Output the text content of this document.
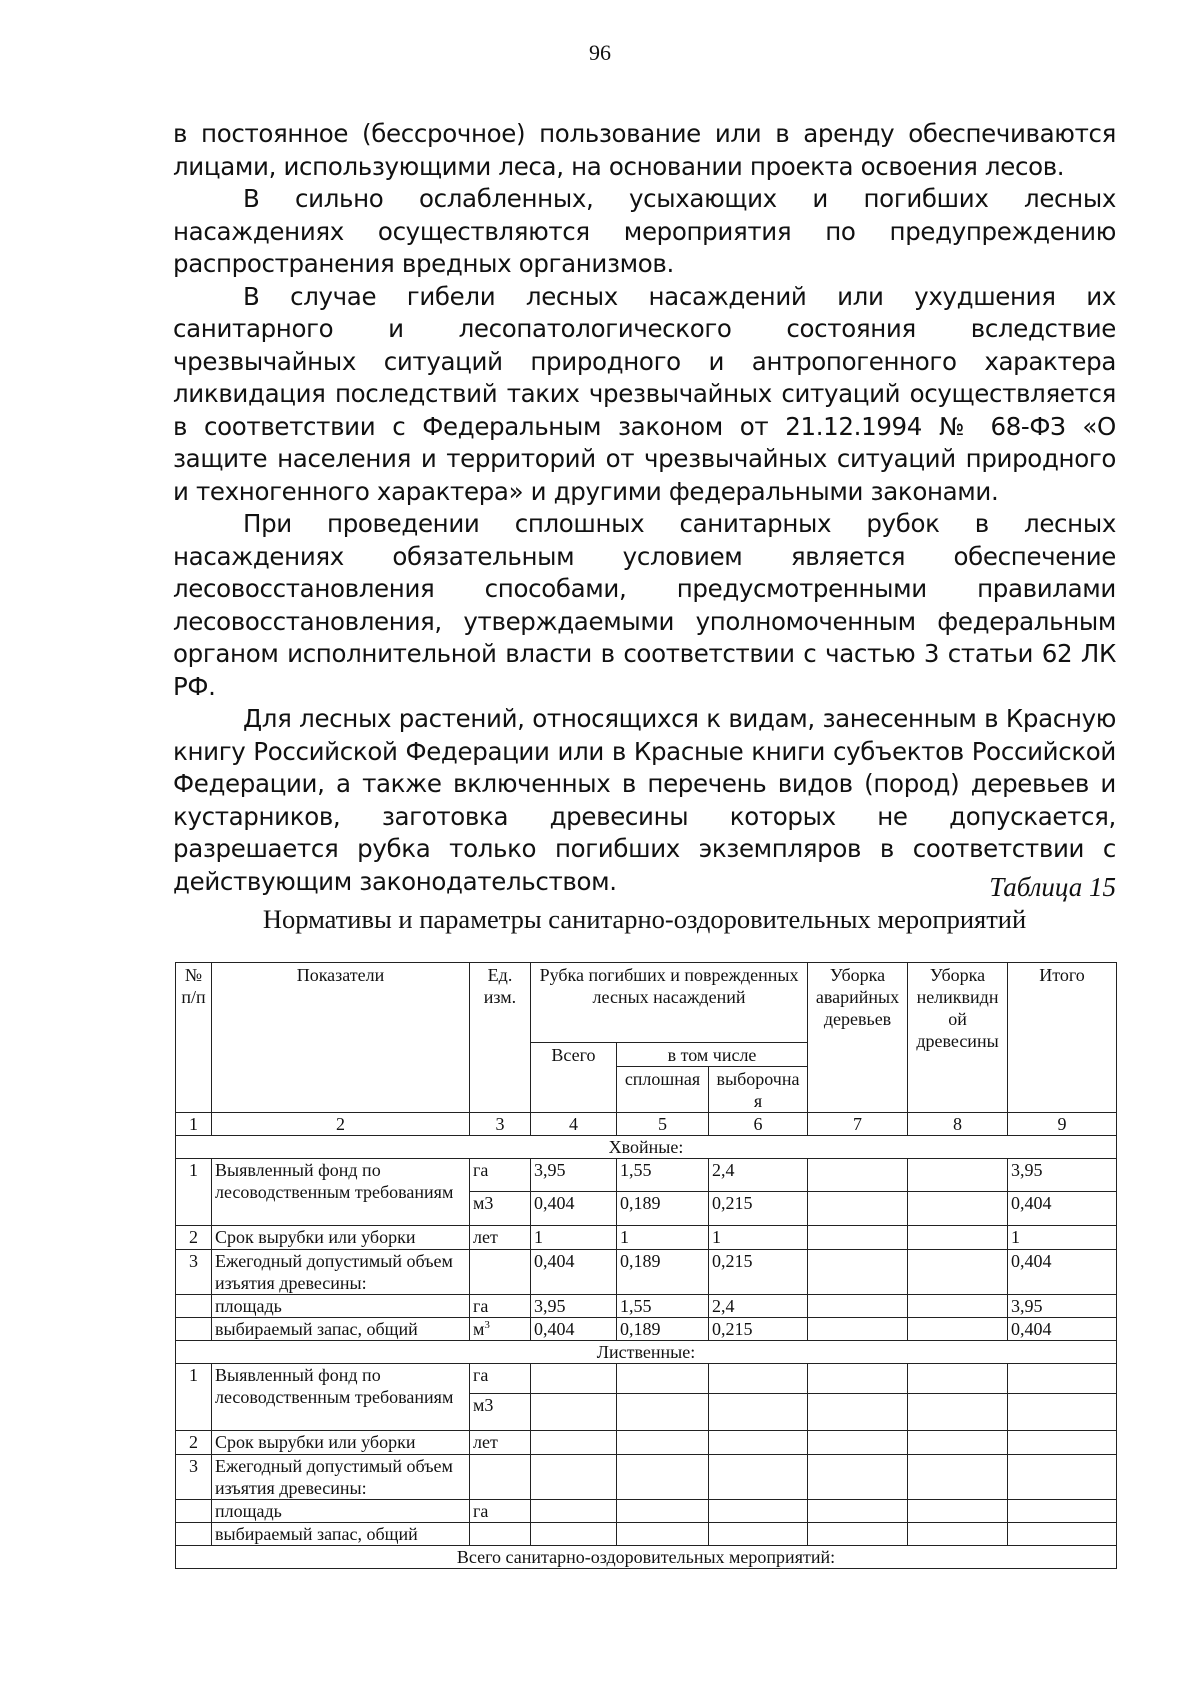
96

в постоянное (бессрочное) пользование или в аренду обеспечиваются лицами, использующими леса, на основании проекта освоения лесов.

В сильно ослабленных, усыхающих и погибших лесных насаждениях осуществляются мероприятия по предупреждению распространения вредных организмов.

В случае гибели лесных насаждений или ухудшения их санитарного и лесопатологического состояния вследствие чрезвычайных ситуаций природного и антропогенного характера ликвидация последствий таких чрезвычайных ситуаций осуществляется в соответствии с Федеральным законом от 21.12.1994 № 68-ФЗ «О защите населения и территорий от чрезвычайных ситуаций природного и техногенного характера» и другими федеральными законами.

При проведении сплошных санитарных рубок в лесных насаждениях обязательным условием является обеспечение лесовосстановления способами, предусмотренными правилами лесовосстановления, утверждаемыми уполномоченным федеральным органом исполнительной власти в соответствии с частью 3 статьи 62 ЛК РФ.

Для лесных растений, относящихся к видам, занесенным в Красную книгу Российской Федерации или в Красные книги субъектов Российской Федерации, а также включенных в перечень видов (пород) деревьев и кустарников, заготовка древесины которых не допускается, разрешается рубка только погибших экземпляров в соответствии с действующим законодательством.	Таблица 15
Нормативы и параметры санитарно-оздоровительных мероприятий
№ п/п	Показатели	Ед. изм.	Рубка погибших и поврежденных лесных насаждений			Уборка аварийных деревьев	Уборка неликвидн ой древесины	Итого
			Всего	в том числе				
				сплошная	выборочна я			

1	2	3	4	5	6	7	8	9
Хвойные:								
1	Выявленный фонд по лесоводственным требованиям	га	3,95	1,55	2,4			3,95
		м3	0,404	0,189	0,215			0,404
2	Срок вырубки или уборки	лет	1	1	1			1
3	Ежегодный допустимый объем изъятия древесины:		0,404	0,189	0,215			0,404
	площадь	га	3,95	1,55	2,4			3,95
	выбираемый запас, общий	$м^3$	0,404	0,189	0,215			0,404
Лиственные:								
1	Выявленный фонд по лесоводственным требованиям	га						
		м3						
2	Срок вырубки или уборки	лет						
3	Ежегодный допустимый объем изъятия древесины:							
	площадь	га						
	выбираемый запас, общий							
Всего санитарно-оздоровительных мероприятий:								
